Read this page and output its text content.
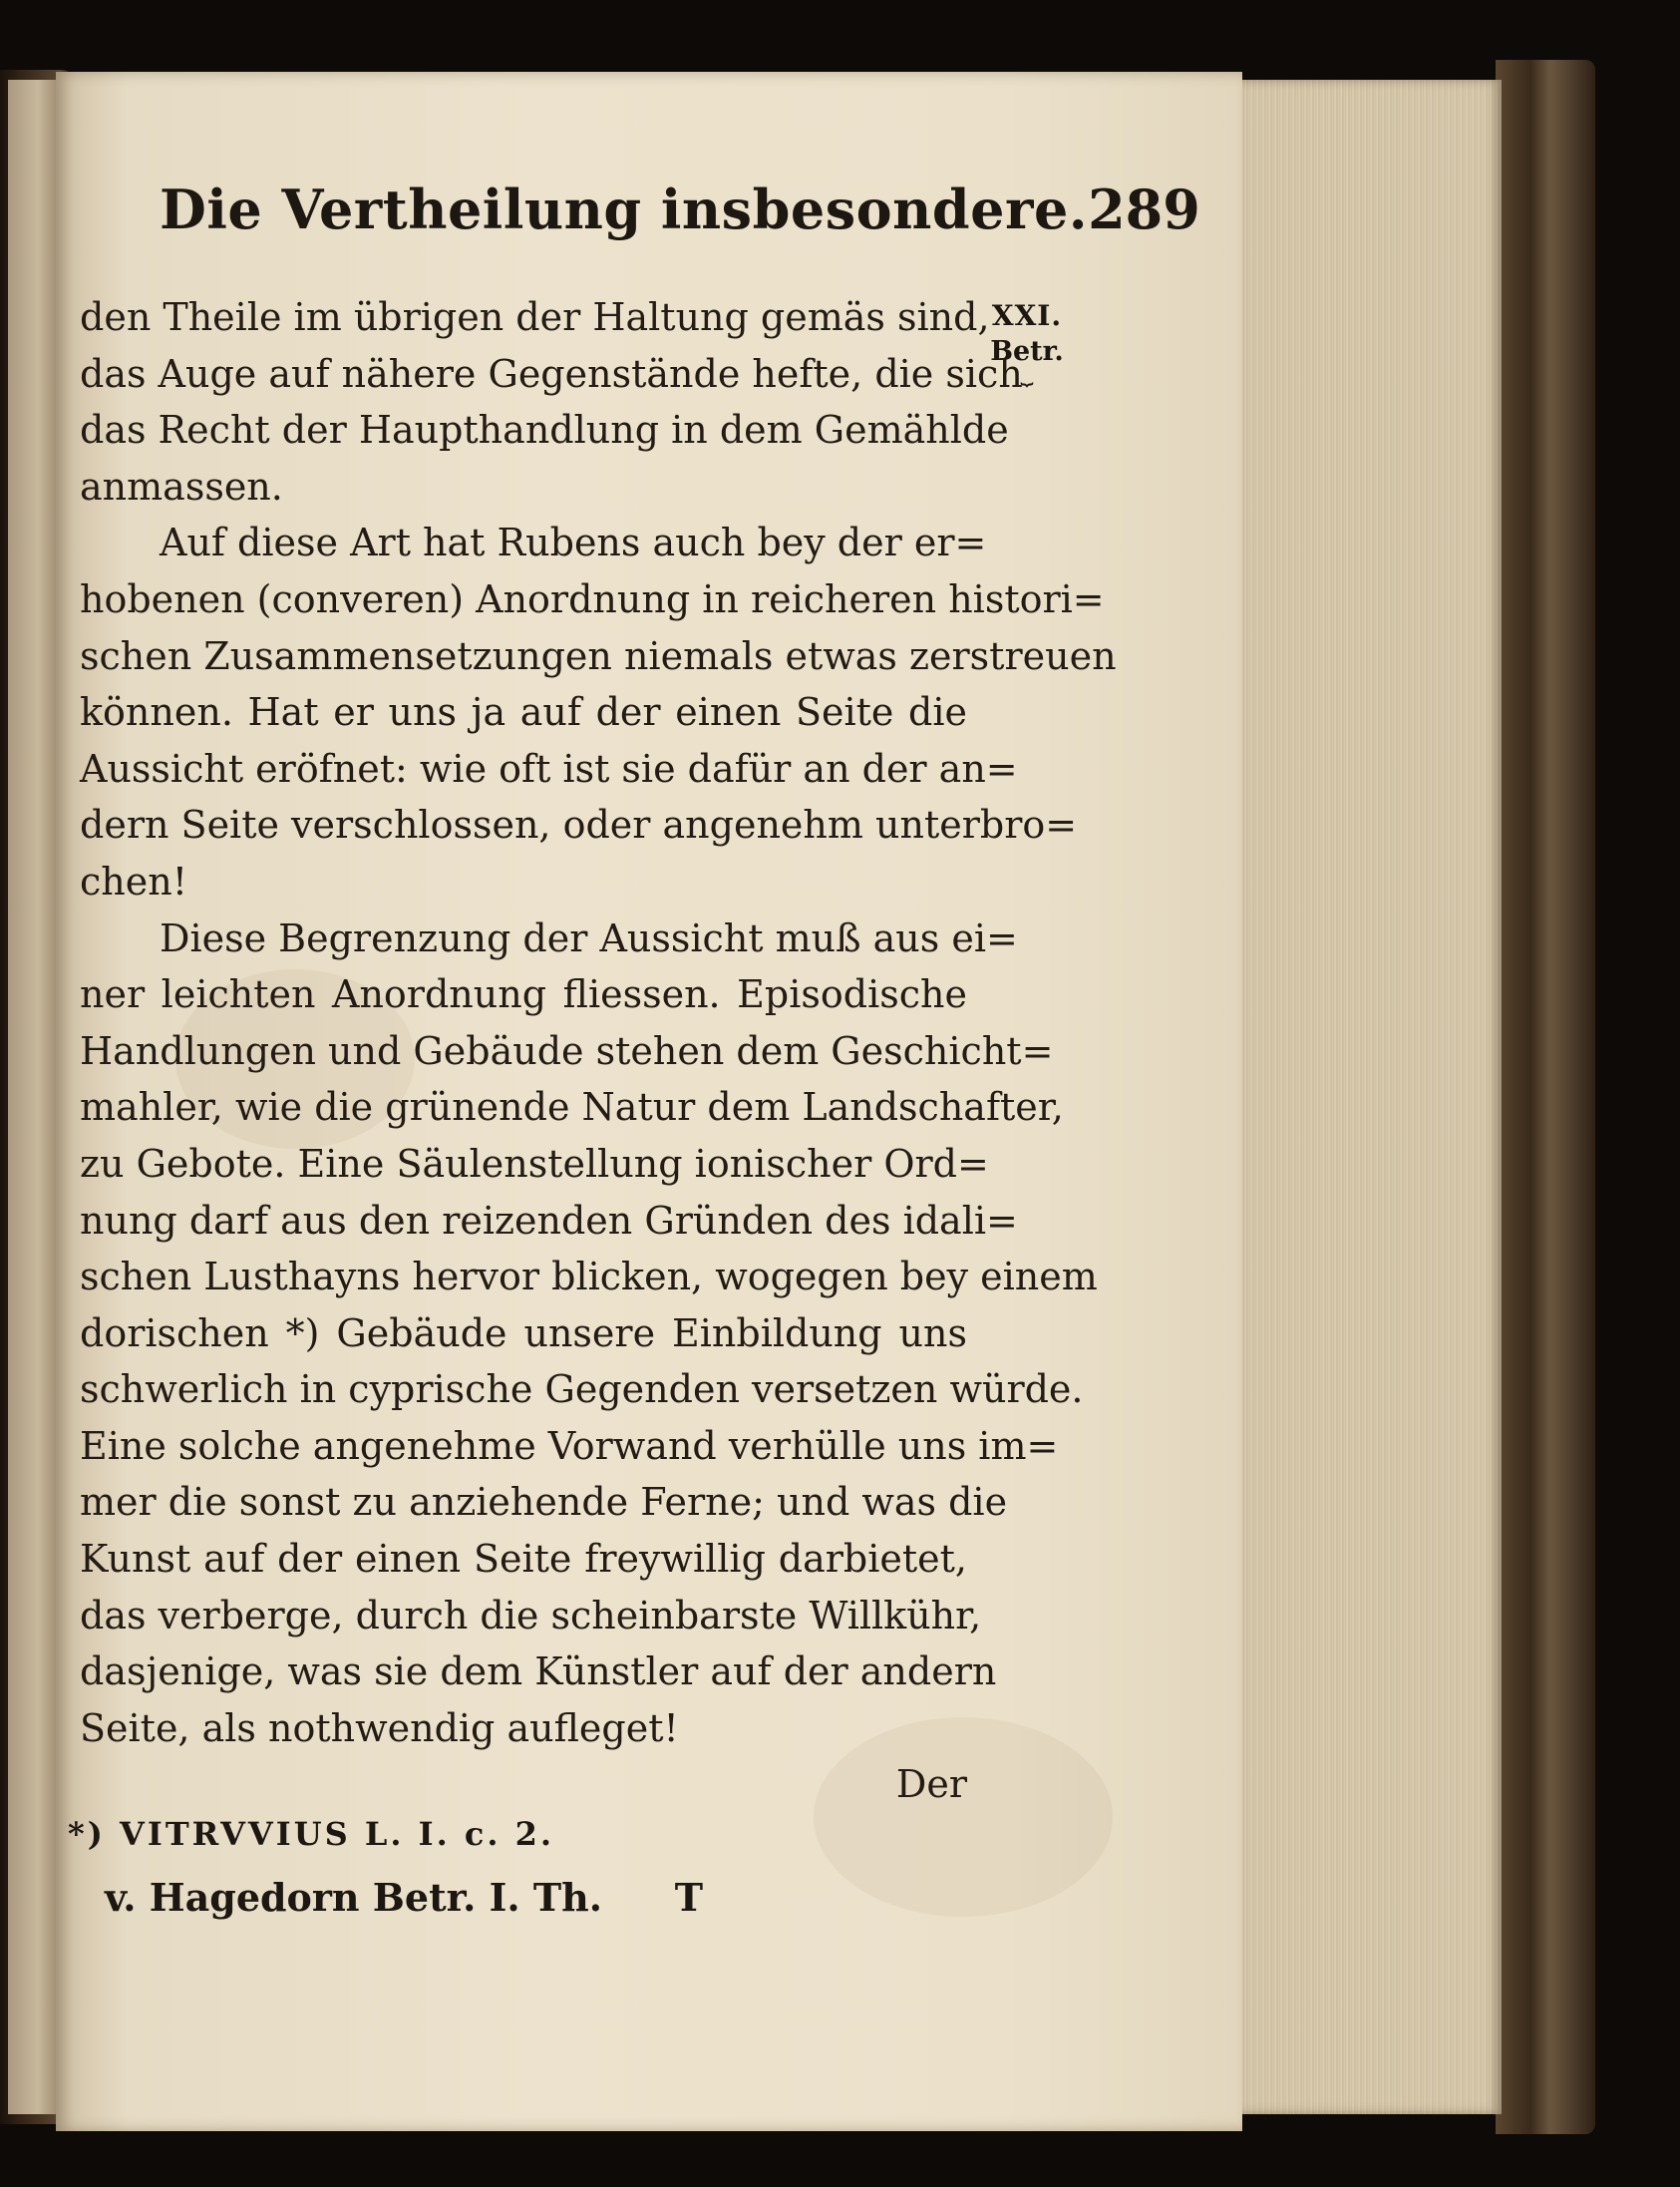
Die Vertheilung insbesondere. 289
XXI.
Betr.
⏟
den Theile im übrigen der Haltung gemäs sind,
das Auge auf nähere Gegenstände hefte, die sich
das Recht der Haupthandlung in dem Gemählde
anmassen.
Auf diese Art hat Rubens auch bey der er=
hobenen (converen) Anordnung in reicheren histori=
schen Zusammensetzungen niemals etwas zerstreuen
können. Hat er uns ja auf der einen Seite die
Aussicht eröfnet: wie oft ist sie dafür an der an=
dern Seite verschlossen, oder angenehm unterbro=
chen!
Diese Begrenzung der Aussicht muß aus ei=
ner leichten Anordnung fliessen. Episodische
Handlungen und Gebäude stehen dem Geschicht=
mahler, wie die grünende Natur dem Landschafter,
zu Gebote. Eine Säulenstellung ionischer Ord=
nung darf aus den reizenden Gründen des idali=
schen Lusthayns hervor blicken, wogegen bey einem
dorischen *) Gebäude unsere Einbildung uns
schwerlich in cyprische Gegenden versetzen würde.
Eine solche angenehme Vorwand verhülle uns im=
mer die sonst zu anziehende Ferne; und was die
Kunst auf der einen Seite freywillig darbietet,
das verberge, durch die scheinbarste Willkühr,
dasjenige, was sie dem Künstler auf der andern
Seite, als nothwendig aufleget!
Der
*) VITRVVIUS L. I. c. 2.
v. Hagedorn Betr. I. Th. T
